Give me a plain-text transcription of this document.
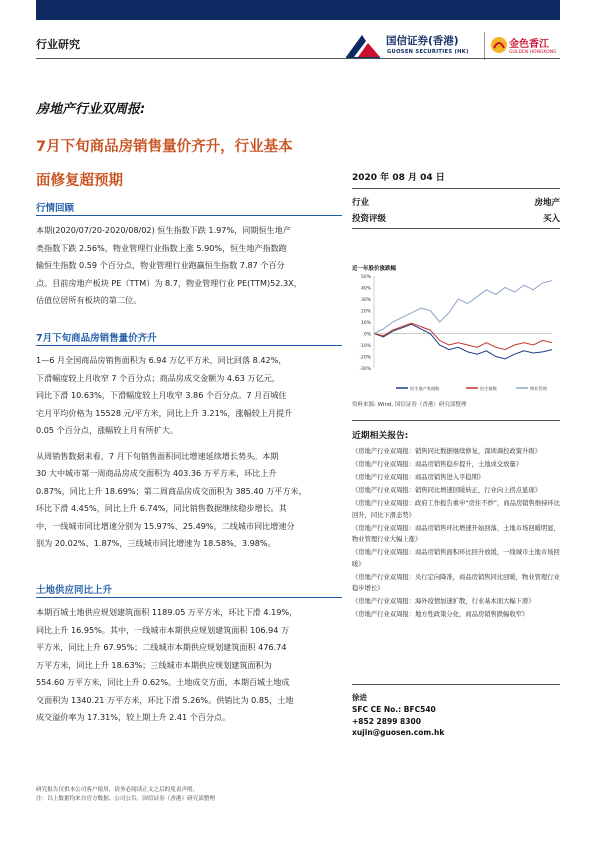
行业研究	国信证券(香港)
GUOSEN SECURITIES (HK)
金色香江
GOLDEN HONGKONG
房地产行业双周报:
7月下旬商品房销售量价齐升，行业基本
面修复超预期
行情回顾
本期(2020/07/20-2020/08/02) 恒生指数下跌 1.97%，同期恒生地产
类指数下跌 2.56%，物业管理行业指数上涨 5.90%，恒生地产指数跑
输恒生指数 0.59 个百分点，物业管理行业跑赢恒生指数 7.87 个百分
点。目前房地产板块 PE（TTM）为 8.7，物业管理行业 PE(TTM)52.3X，
估值位居所有板块的第二位。
7月下旬商品房销售量价齐升
1—6 月全国商品房销售面积为 6.94 万亿平方米，同比回落 8.42%，
下滑幅度较上月收窄 7 个百分点；商品房成交金额为 4.63 万亿元，
同比下滑 10.63%，下滑幅度较上月收窄 3.86 个百分点。7 月百城住
宅月平均价格为 15528 元/平方米，同比上升 3.21%，涨幅较上月提升
0.05 个百分点，涨幅较上月有所扩大。
从周销售数据来看，7 月下旬销售面积同比增速延续增长势头。本期
30 大中城市第一周商品房成交面积为 403.36 万平方米，环比上升
0.87%，同比上升 18.69%；第二周商品房成交面积为 385.40 万平方米，
环比下滑 4.45%，同比上升 6.74%，同比销售数据继续稳步增长。其
中，一线城市同比增速分别为 15.97%、25.49%，二线城市同比增速分
别为 20.02%、1.87%，三线城市同比增速为 18.58%、3.98%。
土地供应同比上升
本期百城土地供应规划建筑面积 1189.05 万平方米，环比下滑 4.19%，
同比上升 16.95%。其中，一线城市本期供应规划建筑面积 106.94 万
平方米，同比上升 67.95%；二线城市本期供应规划建筑面积 476.74
万平方米，同比上升 18.63%；三线城市本期供应规划建筑面积为
554.60 万平方米，同比上升 0.62%。土地成交方面，本期百城土地成
交面积为 1340.21 万平方米，环比下滑 5.26%。供销比为 0.85，土地
成交溢价率为 17.31%，较上期上升 2.41 个百分点。
2020 年 08 月 04 日
行业	房地产
投资评级	买入
近一年股价涨跌幅
50%
40%
30%
20%
10%
0%
-10%
-20%
-30%
恒生地产类指数	恒生指数	物业管理
资料来源: Wind, 国信证券（香港）研究部整理
近期相关报告:
《房地产行业双周报：销售同比数据继续修复，深圳调控政策升级》
《房地产行业双周报：商品房销售稳步提升，土地成交放量》
《房地产行业双周报：商品房销售进入平稳期》
《房地产行业双周报：销售同比增速回暖转正，行业向上拐点显现》
《房地产行业双周报：政府工作报告重申“房住不炒”，商品房销售维持环比回升，同比下滑态势》
《房地产行业双周报：商品房销售环比增速开始回落，土地市场回暖明显，物业管理行业大幅上涨》
《房地产行业双周报：商品房销售面积环比回升放缓，一线城市土地市场回暖》
《房地产行业双周报：央行定向降准，商品房销售同比回暖，物业管理行业稳步增长》
《房地产行业双周报：海外疫情加速扩散，行业基本面大幅下滑》
《房地产行业双周报：地方性政策分化，商品房销售跌幅收窄》
徐进
SFC CE No.: BFC540
+852 2899 8300
xujin@guosen.com.hk
研究报告仅供本公司客户使用，请务必阅读正文之后的免责声明。
注：以上数据均来自官方数据、公司公告，国信证券（香港）研究部整理
